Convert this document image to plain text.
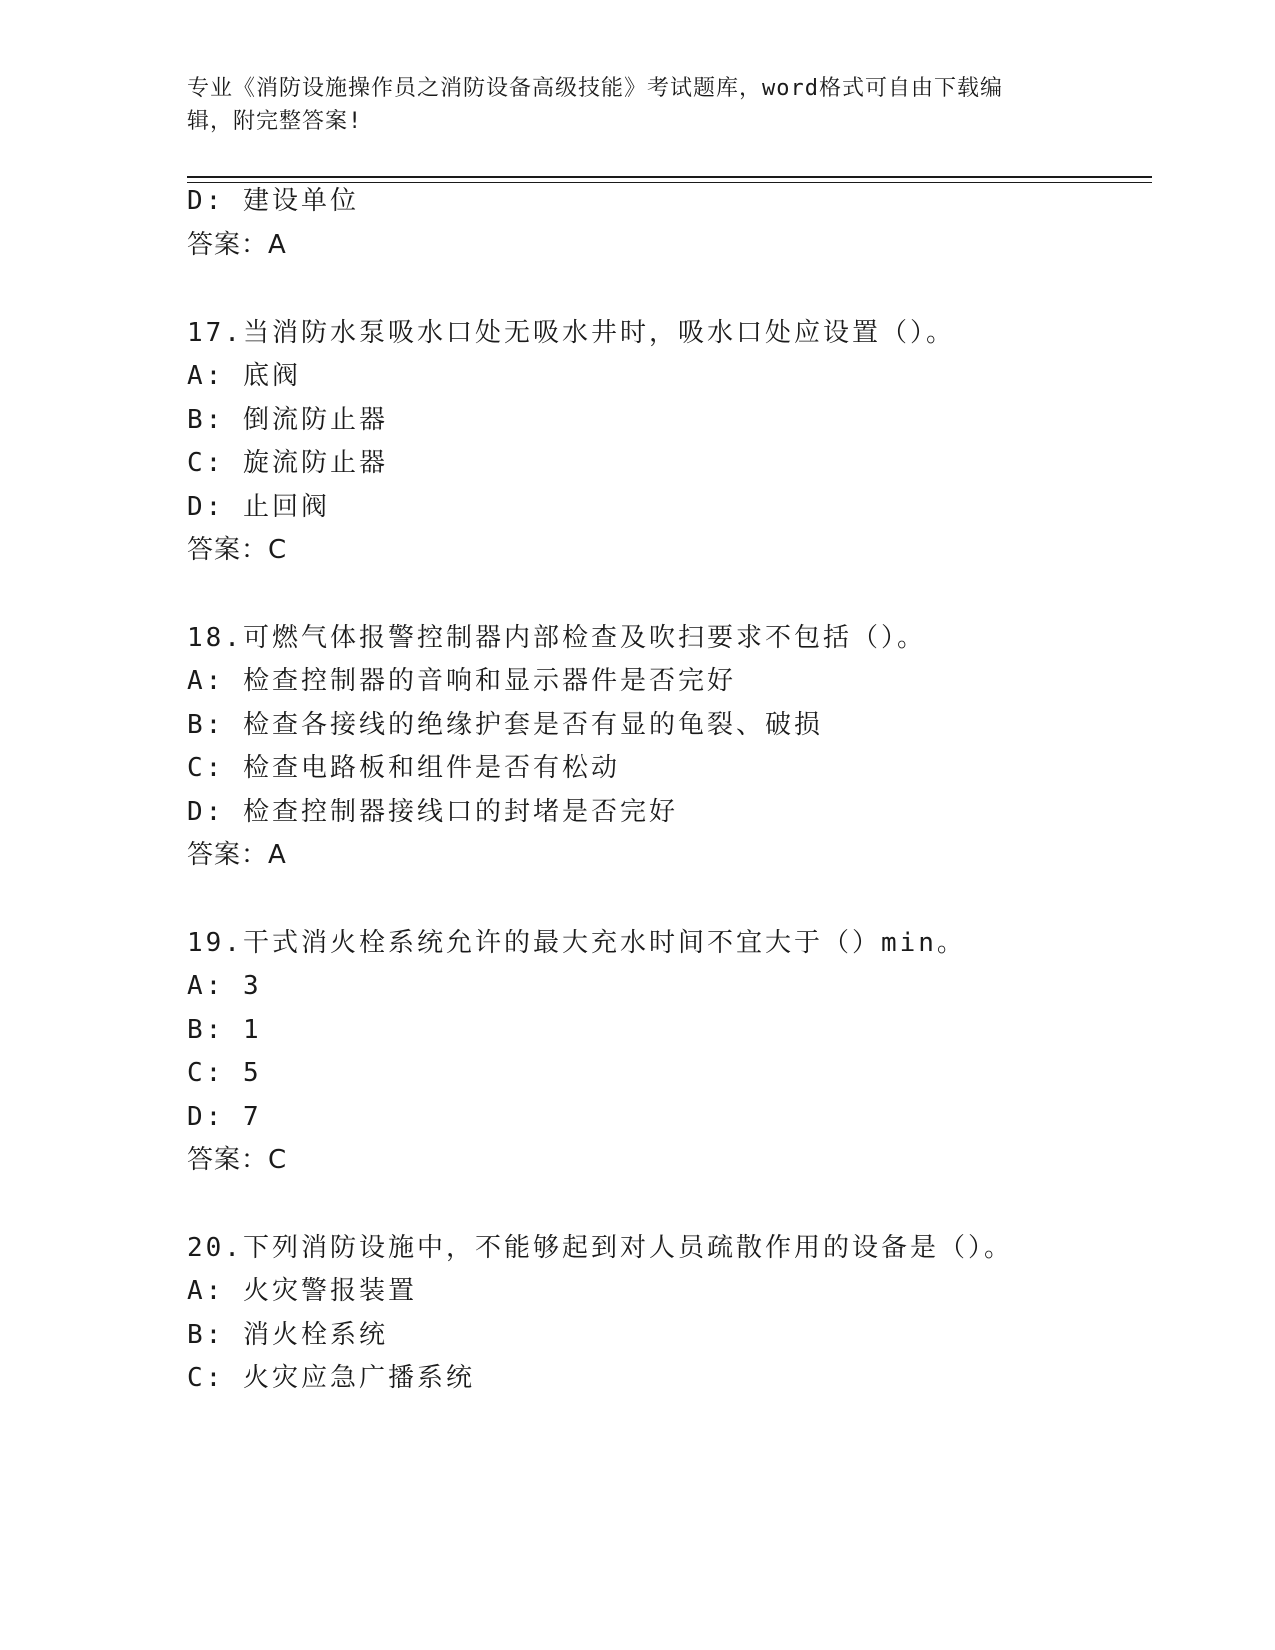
专业《消防设施操作员之消防设备高级技能》考试题库，word格式可自由下载编
辑，附完整答案!
D: 建设单位
答案：A
17.当消防水泵吸水口处无吸水井时，吸水口处应设置（）。
A: 底阀
B: 倒流防止器
C: 旋流防止器
D: 止回阀
答案：C
18.可燃气体报警控制器内部检查及吹扫要求不包括（）。
A: 检查控制器的音响和显示器件是否完好
B: 检查各接线的绝缘护套是否有显的龟裂、破损
C: 检查电路板和组件是否有松动
D: 检查控制器接线口的封堵是否完好
答案：A
19.干式消火栓系统允许的最大充水时间不宜大于（）min。
A: 3
B: 1
C: 5
D: 7
答案：C
20.下列消防设施中，不能够起到对人员疏散作用的设备是（）。
A: 火灾警报装置
B: 消火栓系统
C: 火灾应急广播系统
